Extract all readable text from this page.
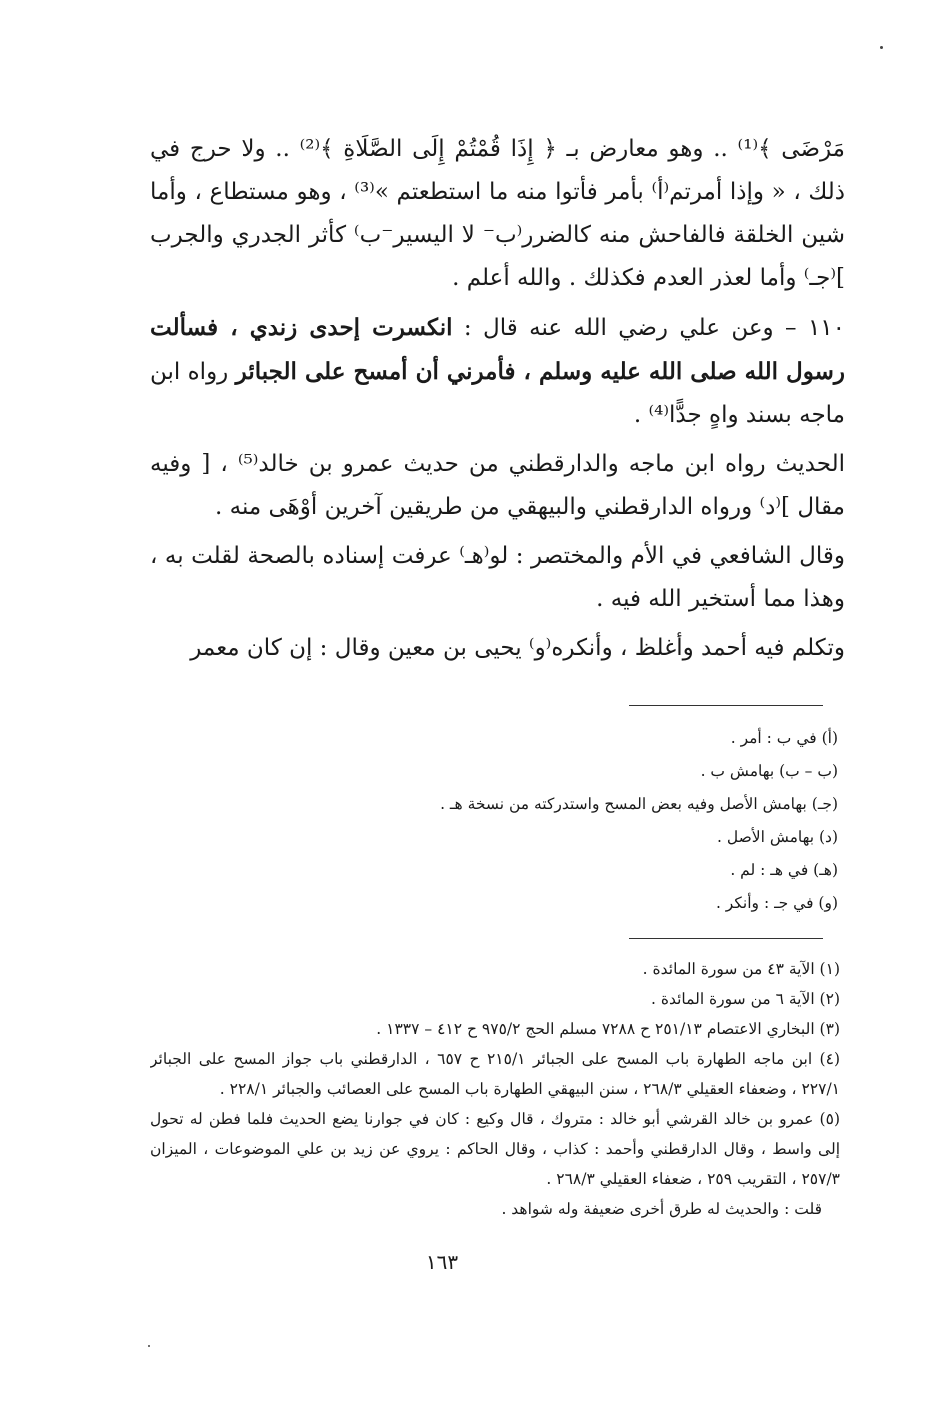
مَرْضَى ﴾⁽¹⁾ .. وهو معارض بـ ﴿ إِذَا قُمْتُمْ إِلَى الصَّلَاةِ ﴾⁽²⁾ .. ولا حرج في ذلك ، « وإذا أمرتم⁽أ⁾ بأمر فأتوا منه ما استطعتم »⁽³⁾ ، وهو مستطاع ، وأما شين الخلقة فالفاحش منه كالضرر⁽ب⁻ لا اليسير⁻ب⁾ كأثر الجدري والجرب ]⁽جـ⁾ وأما لعذر العدم فكذلك . والله أعلم .

١١٠ – وعن علي رضي الله عنه قال : انكسرت إحدى زندي ، فسألت رسول الله صلى الله عليه وسلم ، فأمرني أن أمسح على الجبائر رواه ابن ماجه بسند واهٍ جدًّا⁽⁴⁾ .

الحديث رواه ابن ماجه والدارقطني من حديث عمرو بن خالد⁽⁵⁾ ، [ وفيه مقال ]⁽د⁾ ورواه الدارقطني والبيهقي من طريقين آخرين أوْهَى منه .

وقال الشافعي في الأم والمختصر : لو⁽هـ⁾ عرفت إسناده بالصحة لقلت به ، وهذا مما أستخير الله فيه .

وتكلم فيه أحمد وأغلظ ، وأنكره⁽و⁾ يحيى بن معين وقال : إن كان معمر

(أ) في ب : أمر .
(ب – ب) بهامش ب .
(جـ) بهامش الأصل وفيه بعض المسح واستدركته من نسخة هـ .
(د) بهامش الأصل .
(هـ) في هـ : لم .
(و) في جـ : وأنكر .
(١) الآية ٤٣ من سورة المائدة .
(٢) الآية ٦ من سورة المائدة .
(٣) البخاري الاعتصام ٢٥١/١٣ ح ٧٢٨٨ مسلم الحج ٩٧٥/٢ ح ٤١٢ – ١٣٣٧ .
(٤) ابن ماجه الطهارة باب المسح على الجبائر ٢١٥/١ ح ٦٥٧ ، الدارقطني باب جواز المسح على الجبائر ٢٢٧/١ ، وضعفاء العقيلي ٢٦٨/٣ ، سنن البيهقي الطهارة باب المسح على العصائب والجبائر ٢٢٨/١ .
(٥) عمرو بن خالد القرشي أبو خالد : متروك ، قال وكيع : كان في جوارنا يضع الحديث فلما فطن له تحول إلى واسط ، وقال الدارقطني وأحمد : كذاب ، وقال الحاكم : يروي عن زيد بن علي الموضوعات ، الميزان ٢٥٧/٣ ، التقريب ٢٥٩ ، ضعفاء العقيلي ٢٦٨/٣ .
قلت : والحديث له طرق أخرى ضعيفة وله شواهد .
١٦٣
